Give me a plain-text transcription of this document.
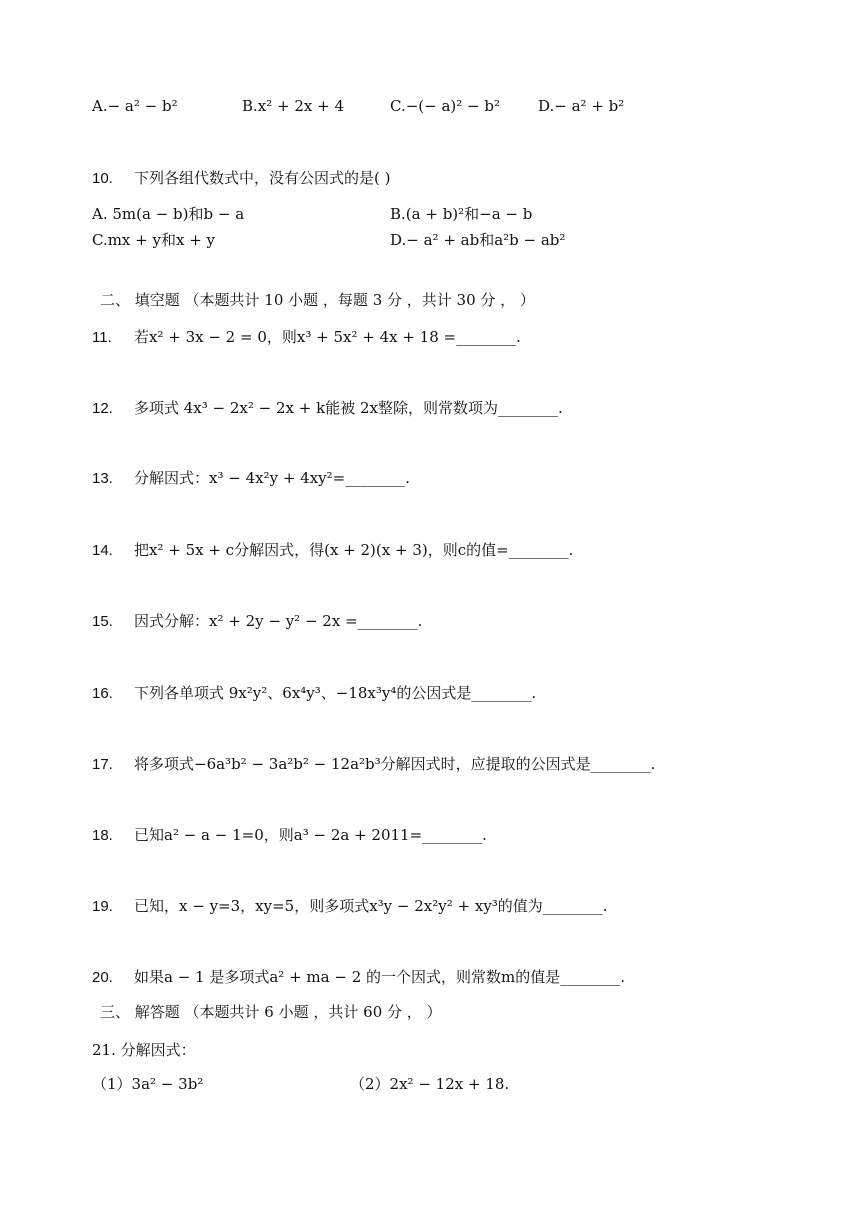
A.− a² − b²	B.x² + 2x + 4	C.−(− a)² − b²	D.− a² + b²
10. 下列各组代数式中，没有公因式的是( )
A. 5m(a − b)和b − a	B.(a + b)²和−a − b
C.mx + y和x + y	D.− a² + ab和a²b − ab²
二、 填空题 （本题共计 10 小题 ，每题 3 分 ，共计 30 分 ， ）
11. 若x² + 3x − 2 = 0，则x³ + 5x² + 4x + 18 =________.
12. 多项式 4x³ − 2x² − 2x + k能被 2x整除，则常数项为________.
13. 分解因式：x³ − 4x²y + 4xy²=________.
14. 把x² + 5x + c分解因式，得(x + 2)(x + 3)，则c的值=________.
15. 因式分解：x² + 2y − y² − 2x =________.
16. 下列各单项式 9x²y²、6x⁴y³、−18x³y⁴的公因式是________.
17. 将多项式−6a³b² − 3a²b² − 12a²b³分解因式时，应提取的公因式是________.
18. 已知a² − a − 1=0，则a³ − 2a + 2011=________.
19. 已知，x − y=3，xy=5，则多项式x³y − 2x²y² + xy³的值为________.
20. 如果a − 1 是多项式a² + ma − 2 的一个因式，则常数m的值是________.
三、 解答题 （本题共计 6 小题 ，共计 60 分 ， ）
21. 分解因式：
（1）3a² − 3b²	（2）2x² − 12x + 18.
